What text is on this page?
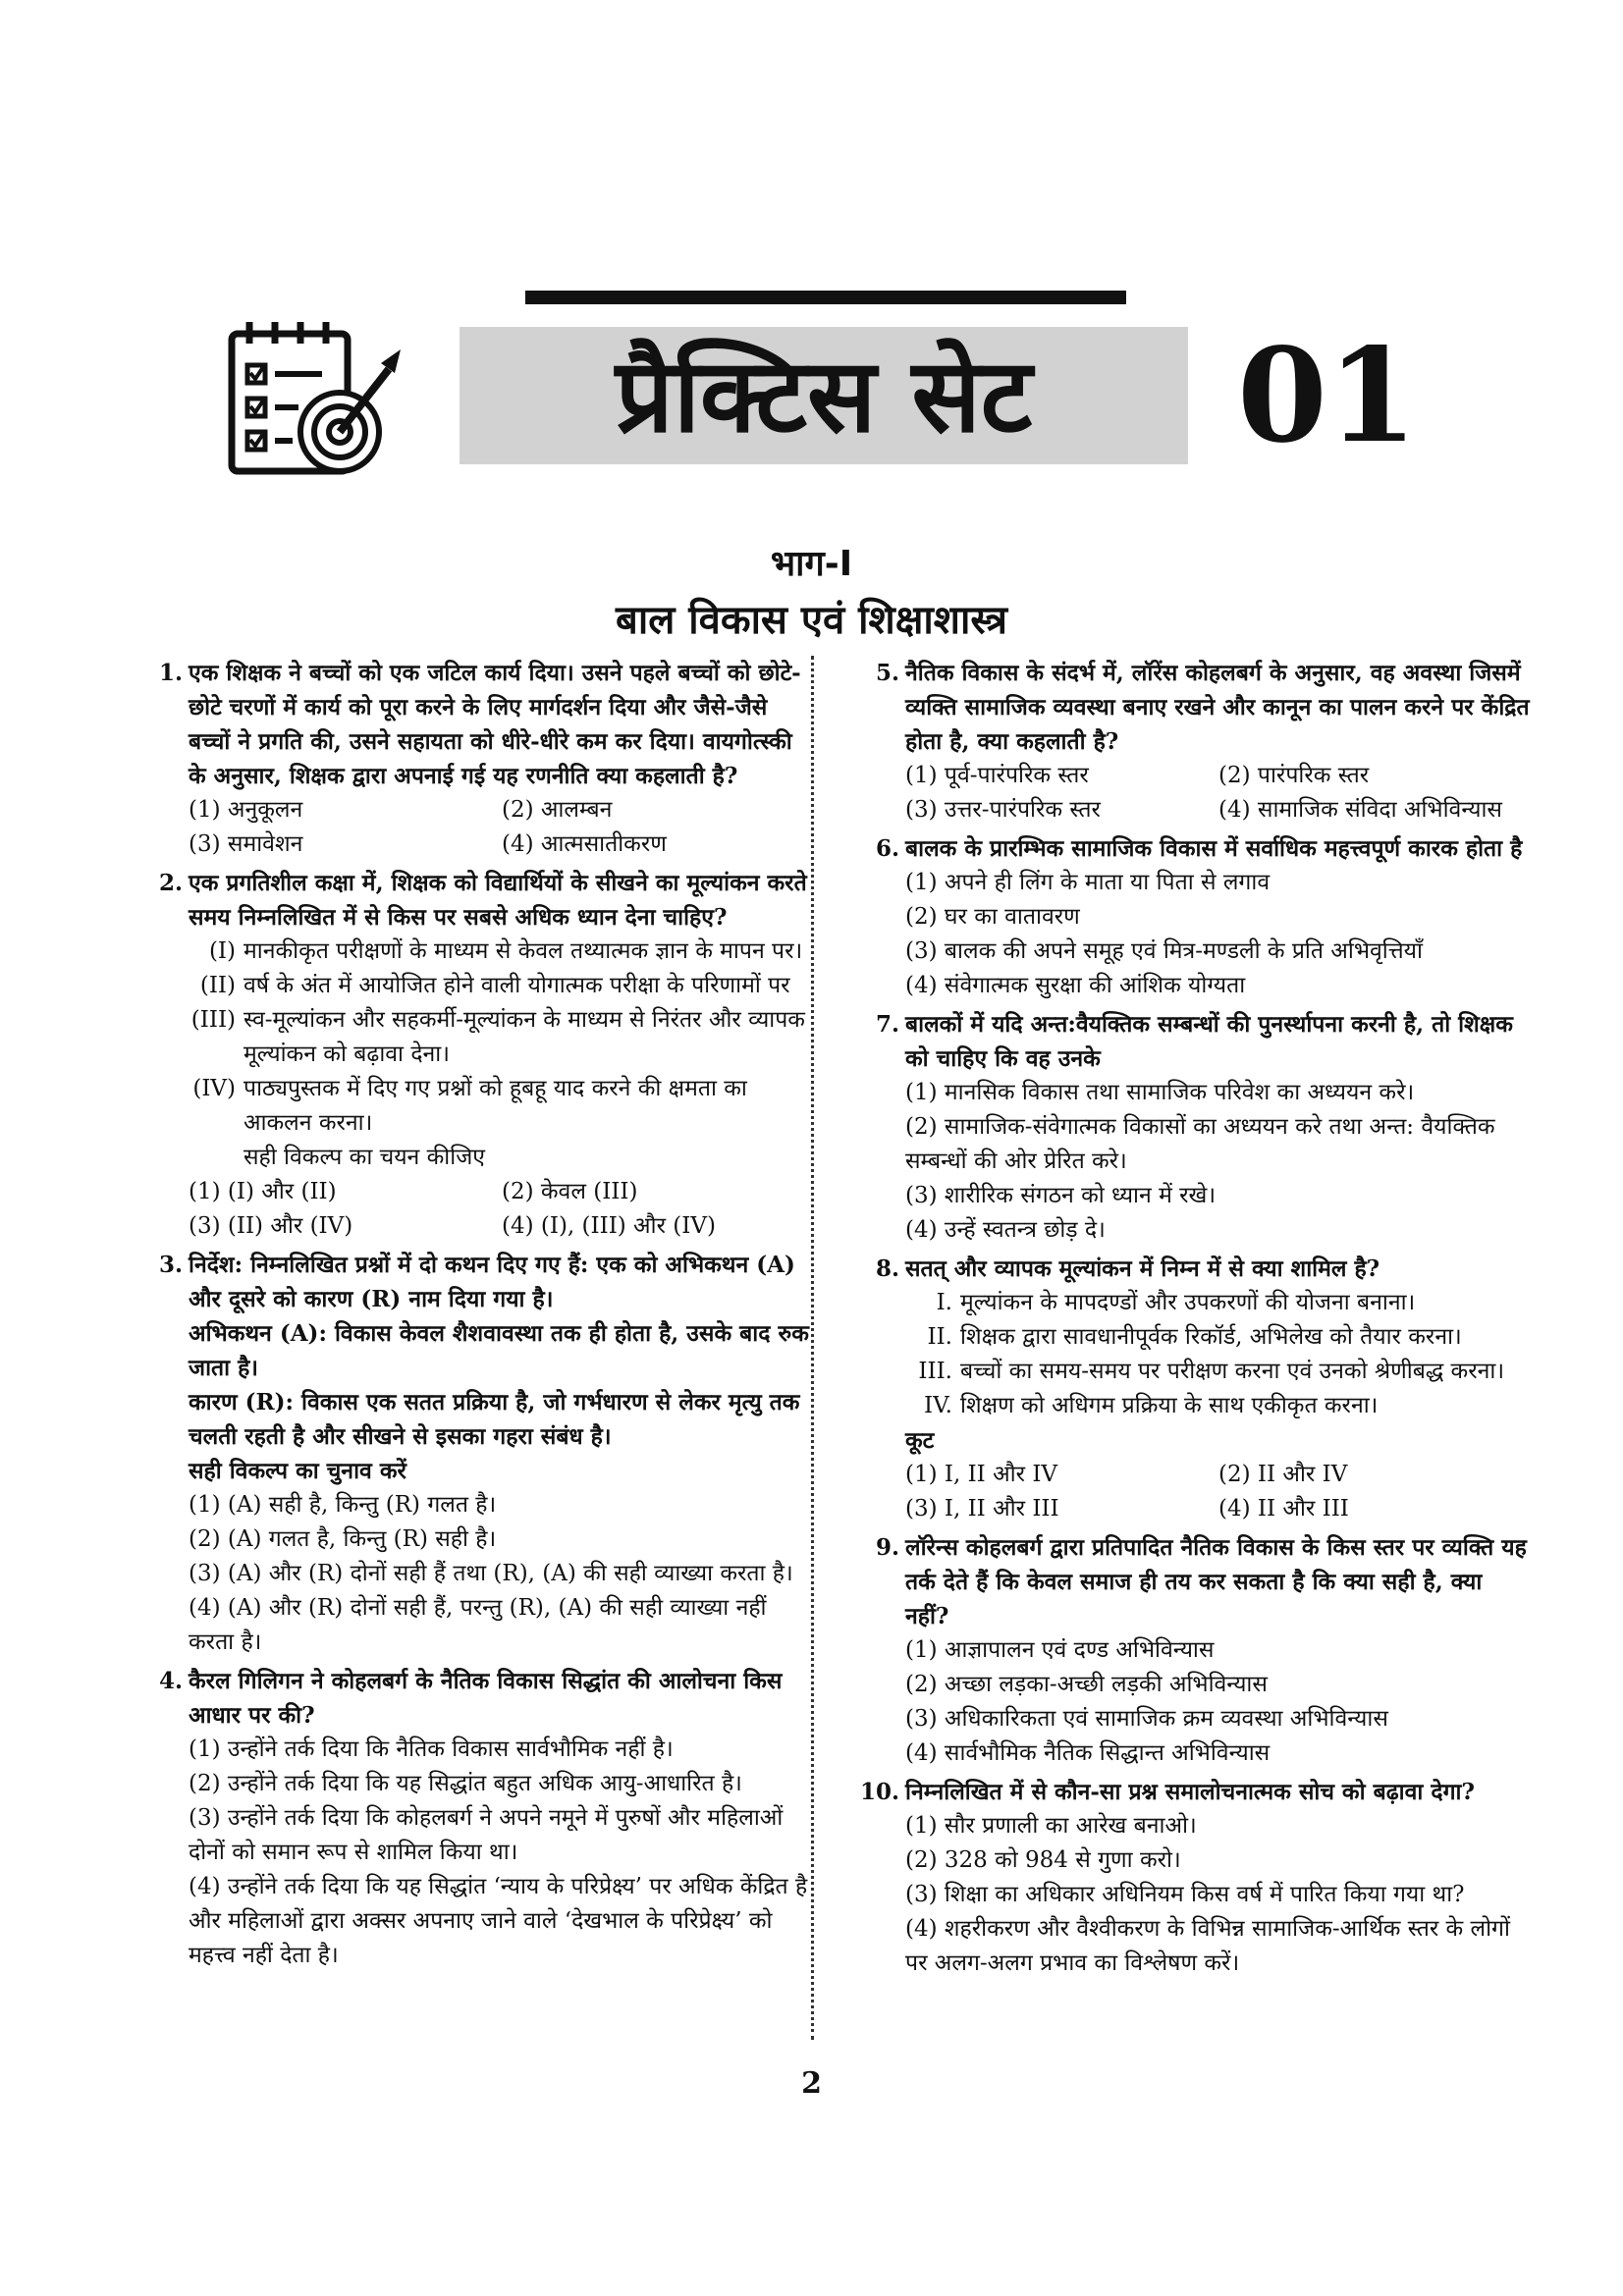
प्रैक्टिस सेट	01
भाग-I
बाल विकास एवं शिक्षाशास्त्र
1. एक शिक्षक ने बच्चों को एक जटिल कार्य दिया। उसने पहले बच्चों को छोटे-छोटे चरणों में कार्य को पूरा करने के लिए मार्गदर्शन दिया और जैसे-जैसे बच्चों ने प्रगति की, उसने सहायता को धीरे-धीरे कम कर दिया। वायगोत्स्की के अनुसार, शिक्षक द्वारा अपनाई गई यह रणनीति क्या कहलाती है?
(1) अनुकूलन	(2) आलम्बन
(3) समावेशन	(4) आत्मसातीकरण
2. एक प्रगतिशील कक्षा में, शिक्षक को विद्यार्थियों के सीखने का मूल्यांकन करते समय निम्नलिखित में से किस पर सबसे अधिक ध्यान देना चाहिए?
(I) मानकीकृत परीक्षणों के माध्यम से केवल तथ्यात्मक ज्ञान के मापन पर।
(II) वर्ष के अंत में आयोजित होने वाली योगात्मक परीक्षा के परिणामों पर
(III) स्व-मूल्यांकन और सहकर्मी-मूल्यांकन के माध्यम से निरंतर और व्यापक मूल्यांकन को बढ़ावा देना।
(IV) पाठ्यपुस्तक में दिए गए प्रश्नों को हूबहू याद करने की क्षमता का आकलन करना।
सही विकल्प का चयन कीजिए
(1) (I) और (II)	(2) केवल (III)
(3) (II) और (IV)	(4) (I), (III) और (IV)
3. निर्देश: निम्नलिखित प्रश्नों में दो कथन दिए गए हैं: एक को अभिकथन (A) और दूसरे को कारण (R) नाम दिया गया है।
अभिकथन (A): विकास केवल शैशवावस्था तक ही होता है, उसके बाद रुक जाता है।
कारण (R): विकास एक सतत प्रक्रिया है, जो गर्भधारण से लेकर मृत्यु तक चलती रहती है और सीखने से इसका गहरा संबंध है।
सही विकल्प का चुनाव करें
(1) (A) सही है, किन्तु (R) गलत है।
(2) (A) गलत है, किन्तु (R) सही है।
(3) (A) और (R) दोनों सही हैं तथा (R), (A) की सही व्याख्या करता है।
(4) (A) और (R) दोनों सही हैं, परन्तु (R), (A) की सही व्याख्या नहीं करता है।
4. कैरल गिलिगन ने कोहलबर्ग के नैतिक विकास सिद्धांत की आलोचना किस आधार पर की?
(1) उन्होंने तर्क दिया कि नैतिक विकास सार्वभौमिक नहीं है।
(2) उन्होंने तर्क दिया कि यह सिद्धांत बहुत अधिक आयु-आधारित है।
(3) उन्होंने तर्क दिया कि कोहलबर्ग ने अपने नमूने में पुरुषों और महिलाओं दोनों को समान रूप से शामिल किया था।
(4) उन्होंने तर्क दिया कि यह सिद्धांत ‘न्याय के परिप्रेक्ष्य’ पर अधिक केंद्रित है और महिलाओं द्वारा अक्सर अपनाए जाने वाले ‘देखभाल के परिप्रेक्ष्य’ को महत्त्व नहीं देता है।
5. नैतिक विकास के संदर्भ में, लॉरेंस कोहलबर्ग के अनुसार, वह अवस्था जिसमें व्यक्ति सामाजिक व्यवस्था बनाए रखने और कानून का पालन करने पर केंद्रित होता है, क्या कहलाती है?
(1) पूर्व-पारंपरिक स्तर	(2) पारंपरिक स्तर
(3) उत्तर-पारंपरिक स्तर	(4) सामाजिक संविदा अभिविन्यास
6. बालक के प्रारम्भिक सामाजिक विकास में सर्वाधिक महत्त्वपूर्ण कारक होता है
(1) अपने ही लिंग के माता या पिता से लगाव
(2) घर का वातावरण
(3) बालक की अपने समूह एवं मित्र-मण्डली के प्रति अभिवृत्तियाँ
(4) संवेगात्मक सुरक्षा की आंशिक योग्यता
7. बालकों में यदि अन्त:वैयक्तिक सम्बन्धों की पुनर्स्थापना करनी है, तो शिक्षक को चाहिए कि वह उनके
(1) मानसिक विकास तथा सामाजिक परिवेश का अध्ययन करे।
(2) सामाजिक-संवेगात्मक विकासों का अध्ययन करे तथा अन्त: वैयक्तिक सम्बन्धों की ओर प्रेरित करे।
(3) शारीरिक संगठन को ध्यान में रखे।
(4) उन्हें स्वतन्त्र छोड़ दे।
8. सतत् और व्यापक मूल्यांकन में निम्न में से क्या शामिल है?
I. मूल्यांकन के मापदण्डों और उपकरणों की योजना बनाना।
II. शिक्षक द्वारा सावधानीपूर्वक रिकॉर्ड, अभिलेख को तैयार करना।
III. बच्चों का समय-समय पर परीक्षण करना एवं उनको श्रेणीबद्ध करना।
IV. शिक्षण को अधिगम प्रक्रिया के साथ एकीकृत करना।
कूट
(1) I, II और IV	(2) II और IV
(3) I, II और III	(4) II और III
9. लॉरेन्स कोहलबर्ग द्वारा प्रतिपादित नैतिक विकास के किस स्तर पर व्यक्ति यह तर्क देते हैं कि केवल समाज ही तय कर सकता है कि क्या सही है, क्या नहीं?
(1) आज्ञापालन एवं दण्ड अभिविन्यास
(2) अच्छा लड़का-अच्छी लड़की अभिविन्यास
(3) अधिकारिकता एवं सामाजिक क्रम व्यवस्था अभिविन्यास
(4) सार्वभौमिक नैतिक सिद्धान्त अभिविन्यास
10. निम्नलिखित में से कौन-सा प्रश्न समालोचनात्मक सोच को बढ़ावा देगा?
(1) सौर प्रणाली का आरेख बनाओ।
(2) 328 को 984 से गुणा करो।
(3) शिक्षा का अधिकार अधिनियम किस वर्ष में पारित किया गया था?
(4) शहरीकरण और वैश्वीकरण के विभिन्न सामाजिक-आर्थिक स्तर के लोगों पर अलग-अलग प्रभाव का विश्लेषण करें।
2
